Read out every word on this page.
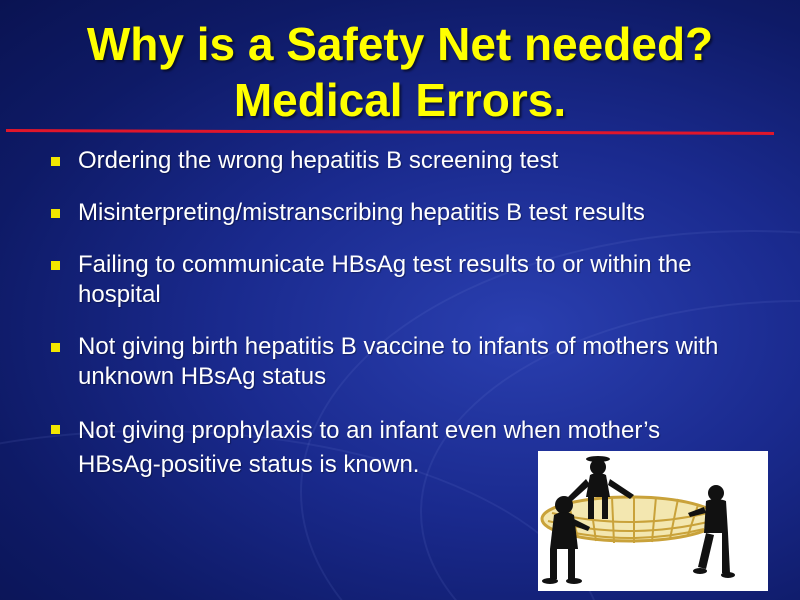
Why is a Safety Net needed?
Medical Errors.
Ordering the wrong hepatitis B screening test
Misinterpreting/mistranscribing hepatitis B test results
Failing to communicate HBsAg test results to or within the hospital
Not giving birth hepatitis B vaccine to infants of mothers with unknown HBsAg status
Not giving prophylaxis to an infant even when mother’s HBsAg-positive status is known.
